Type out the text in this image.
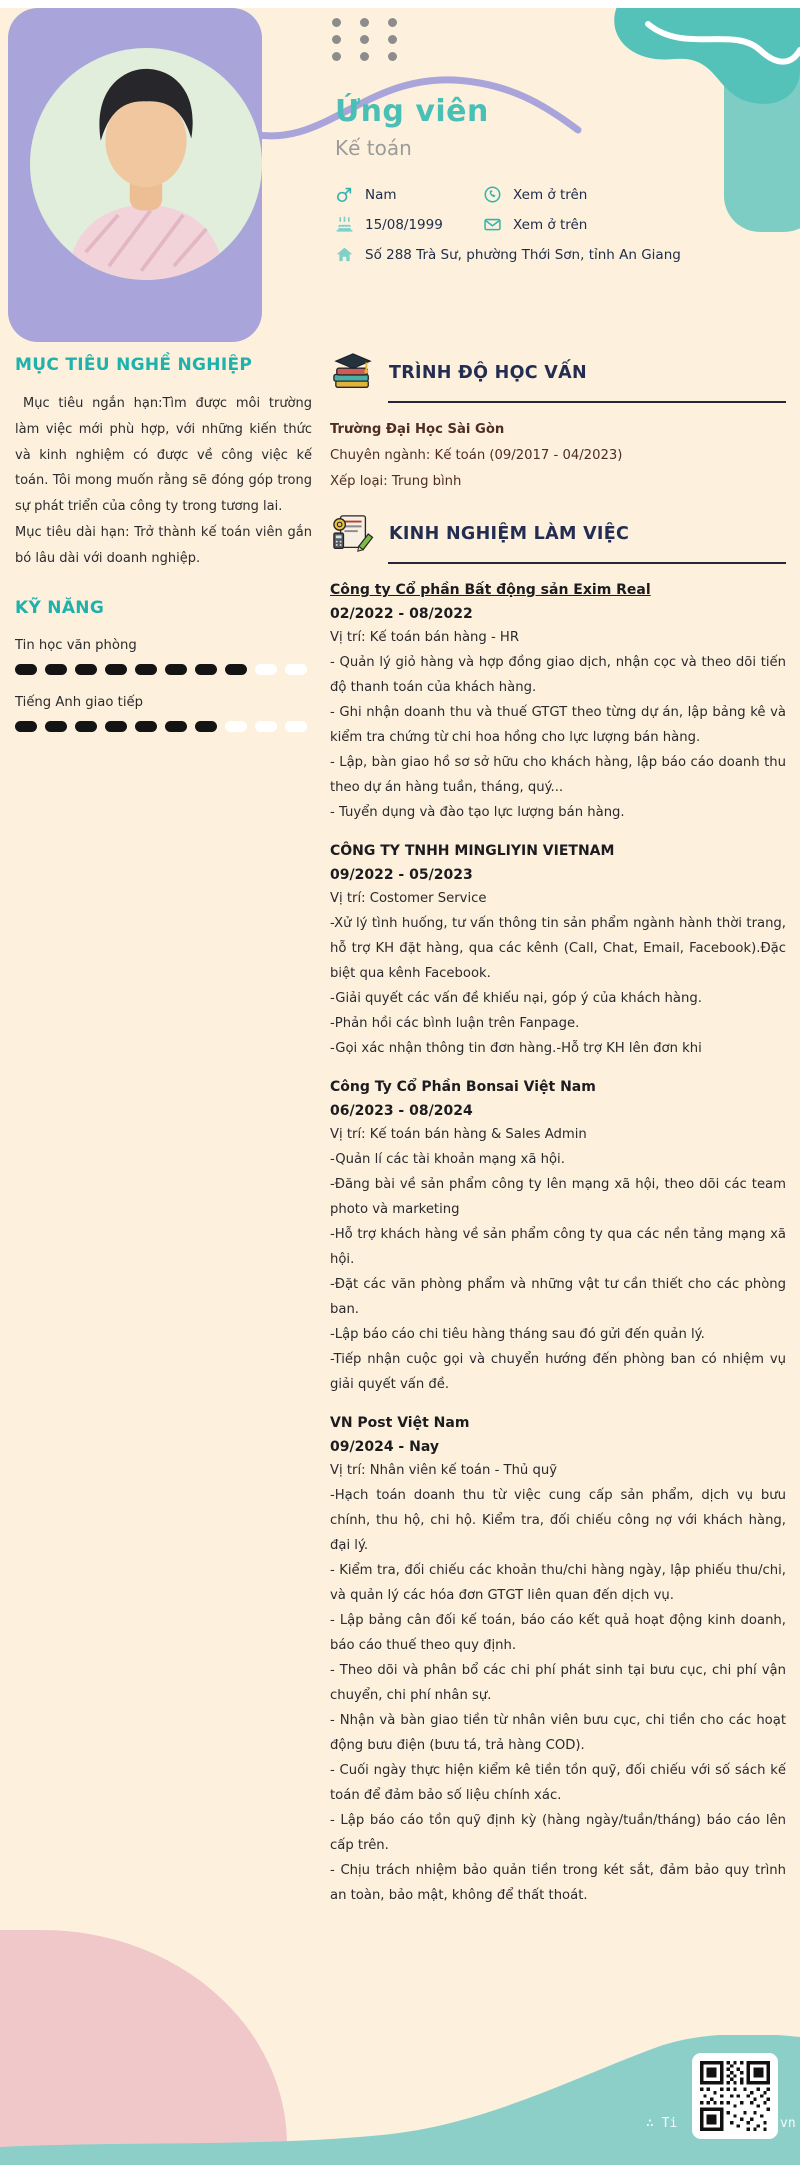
Ứng viên
Kế toán
Nam	Xem ở trên
15/08/1999	Xem ở trên
Số 288 Trà Sư, phường Thới Sơn, tỉnh An Giang
MỤC TIÊU NGHỀ NGHIỆP
Mục tiêu ngắn hạn:Tìm được môi trường làm việc mới phù hợp, với những kiến thức và kinh nghiệm có được về công việc kế toán. Tôi mong muốn rằng sẽ đóng góp trong sự phát triển của công ty trong tương lai.
Mục tiêu dài hạn: Trở thành kế toán viên gắn bó lâu dài với doanh nghiệp.
KỸ NĂNG
Tin học văn phòng
Tiếng Anh giao tiếp
TRÌNH ĐỘ HỌC VẤN
Trường Đại Học Sài Gòn
Chuyên ngành: Kế toán (09/2017 - 04/2023)
Xếp loại: Trung bình
KINH NGHIỆM LÀM VIỆC
Công ty Cổ phần Bất động sản Exim Real
02/2022 - 08/2022
Vị trí: Kế toán bán hàng - HR
- Quản lý giỏ hàng và hợp đồng giao dịch, nhận cọc và theo dõi tiến độ thanh toán của khách hàng.
- Ghi nhận doanh thu và thuế GTGT theo từng dự án, lập bảng kê và kiểm tra chứng từ chi hoa hồng cho lực lượng bán hàng.
- Lập, bàn giao hồ sơ sở hữu cho khách hàng, lập báo cáo doanh thu theo dự án hàng tuần, tháng, quý...
- Tuyển dụng và đào tạo lực lượng bán hàng.
CÔNG TY TNHH MINGLIYIN VIETNAM
09/2022 - 05/2023
Vị trí: Costomer Service
-Xử lý tình huống, tư vấn thông tin sản phẩm ngành hành thời trang, hỗ trợ KH đặt hàng, qua các kênh (Call, Chat, Email, Facebook).Đặc biệt qua kênh Facebook.
-Giải quyết các vấn đề khiếu nại, góp ý của khách hàng.
-Phản hồi các bình luận trên Fanpage.
-Gọi xác nhận thông tin đơn hàng.-Hỗ trợ KH lên đơn khi
Công Ty Cổ Phần Bonsai Việt Nam
06/2023 - 08/2024
Vị trí: Kế toán bán hàng & Sales Admin
-Quản lí các tài khoản mạng xã hội.
-Đăng bài về sản phẩm công ty lên mạng xã hội, theo dõi các team photo và marketing
-Hỗ trợ khách hàng về sản phẩm công ty qua các nền tảng mạng xã hội.
-Đặt các văn phòng phẩm và những vật tư cần thiết cho các phòng ban.
-Lập báo cáo chi tiêu hàng tháng sau đó gửi đến quản lý.
-Tiếp nhận cuộc gọi và chuyển hướng đến phòng ban có nhiệm vụ giải quyết vấn đề.
VN Post Việt Nam
09/2024 - Nay
Vị trí: Nhân viên kế toán - Thủ quỹ
-Hạch toán doanh thu từ việc cung cấp sản phẩm, dịch vụ bưu chính, thu hộ, chi hộ. Kiểm tra, đối chiếu công nợ với khách hàng, đại lý.
- Kiểm tra, đối chiếu các khoản thu/chi hàng ngày, lập phiếu thu/chi, và quản lý các hóa đơn GTGT liên quan đến dịch vụ.
- Lập bảng cân đối kế toán, báo cáo kết quả hoạt động kinh doanh, báo cáo thuế theo quy định.
- Theo dõi và phân bổ các chi phí phát sinh tại bưu cục, chi phí vận chuyển, chi phí nhân sự.
- Nhận và bàn giao tiền từ nhân viên bưu cục, chi tiền cho các hoạt động bưu điện (bưu tá, trả hàng COD).
- Cuối ngày thực hiện kiểm kê tiền tồn quỹ, đối chiếu với số sách kế toán để đảm bảo số liệu chính xác.
- Lập báo cáo tồn quỹ định kỳ (hàng ngày/tuần/tháng) báo cáo lên cấp trên.
- Chịu trách nhiệm bảo quản tiền trong két sắt, đảm bảo quy trình an toàn, bảo mật, không để thất thoát.
∴ Ti	vn
